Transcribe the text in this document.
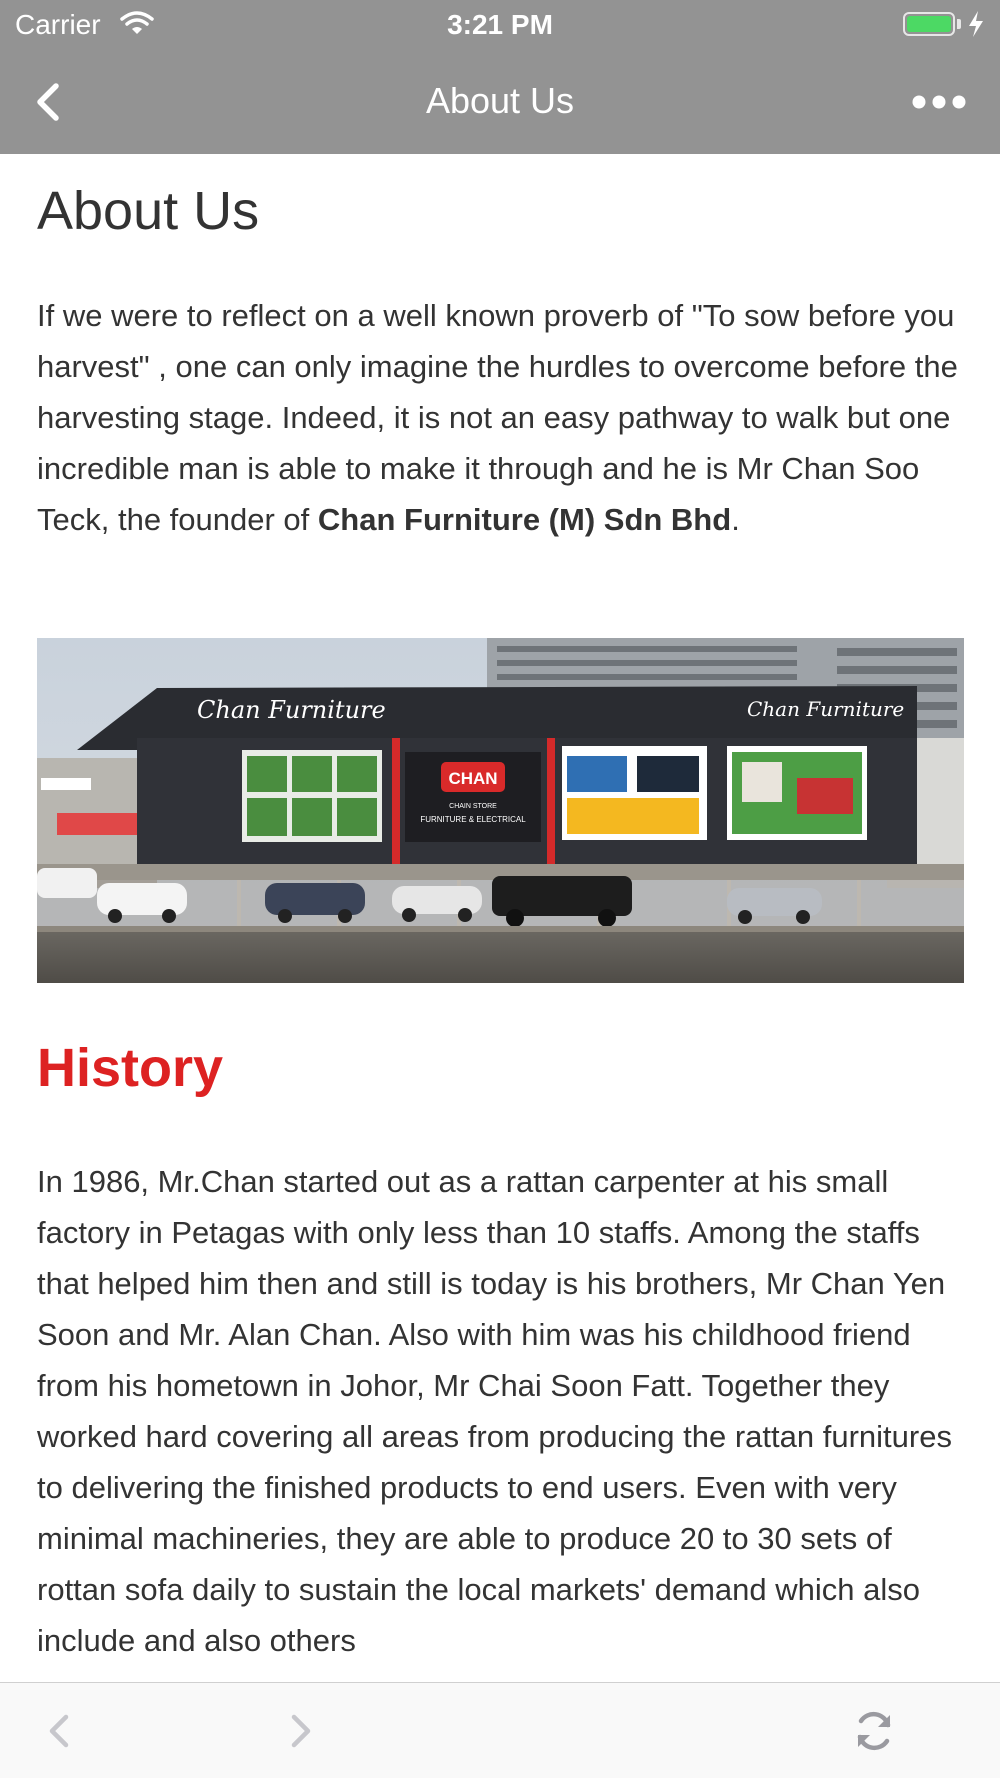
Carrier	3:21 PM
About Us
About Us

If we were to reflect on a well known proverb of "To sow before you harvest" , one can only imagine the hurdles to overcome before the harvesting stage. Indeed, it is not an easy pathway to walk but one incredible man is able to make it through and he is Mr Chan Soo Teck, the founder of Chan Furniture (M) Sdn Bhd.

Chan Furniture	Chan Furniture
CHAN
CHAIN STORE
FURNITURE & ELECTRICAL
History

In 1986, Mr.Chan started out as a rattan carpenter at his small factory in Petagas with only less than 10 staffs. Among the staffs that helped him then and still is today is his brothers, Mr Chan Yen Soon and Mr. Alan Chan. Also with him was his childhood friend from his hometown in Johor, Mr Chai Soon Fatt. Together they worked hard covering all areas from producing the rattan furnitures to delivering the finished products to end users. Even with very minimal machineries, they are able to produce 20 to 30 sets of rottan sofa daily to sustain the local markets' demand which also include and also others
